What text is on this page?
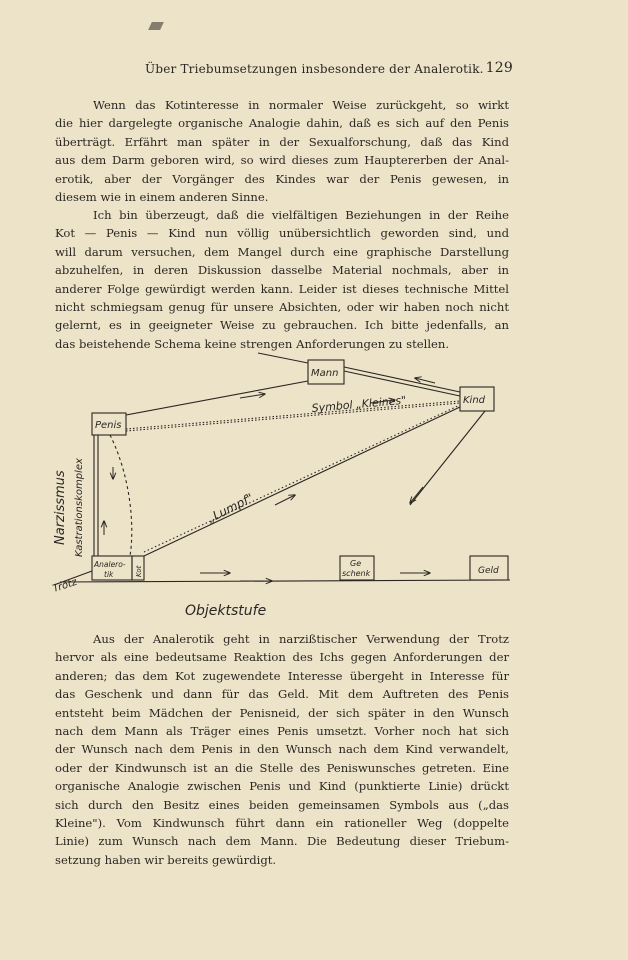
Über Triebumsetzungen insbesondere der Analerotik. 129
Wenn das Kotinteresse in normaler Weise zurückgeht, so wirkt
die hier dargelegte organische Analogie dahin, daß es sich auf den Penis
überträgt. Erfährt man später in der Sexualforschung, daß das Kind
aus dem Darm geboren wird, so wird dieses zum Hauptererben der Anal-
erotik, aber der Vorgänger des Kindes war der Penis gewesen, in
diesem wie in einem anderen Sinne.
Ich bin überzeugt, daß die vielfältigen Beziehungen in der Reihe
Kot — Penis — Kind nun völlig unübersichtlich geworden sind, und
will darum versuchen, dem Mangel durch eine graphische Darstellung
abzuhelfen, in deren Diskussion dasselbe Material nochmals, aber in
anderer Folge gewürdigt werden kann. Leider ist dieses technische Mittel
nicht schmiegsam genug für unsere Absichten, oder wir haben noch nicht
gelernt, es in geeigneter Weise zu gebrauchen. Ich bitte jedenfalls, an
das beistehende Schema keine strengen Anforderungen zu stellen.
Mann
Kind
Penis
Analero-
tik	Kot
Ge
schenk	Geld
Symbol „Kleines"
„Lumpf"
Narzissmus Kastrationskomplex
Trotz
Objektstufe
Aus der Analerotik geht in narzißtischer Verwendung der Trotz
hervor als eine bedeutsame Reaktion des Ichs gegen Anforderungen der
anderen; das dem Kot zugewendete Interesse übergeht in Interesse für
das Geschenk und dann für das Geld. Mit dem Auftreten des Penis
entsteht beim Mädchen der Penisneid, der sich später in den Wunsch
nach dem Mann als Träger eines Penis umsetzt. Vorher noch hat sich
der Wunsch nach dem Penis in den Wunsch nach dem Kind verwandelt,
oder der Kindwunsch ist an die Stelle des Peniswunsches getreten. Eine
organische Analogie zwischen Penis und Kind (punktierte Linie) drückt
sich durch den Besitz eines beiden gemeinsamen Symbols aus („das
Kleine"). Vom Kindwunsch führt dann ein rationeller Weg (doppelte
Linie) zum Wunsch nach dem Mann. Die Bedeutung dieser Triebum-
setzung haben wir bereits gewürdigt.
